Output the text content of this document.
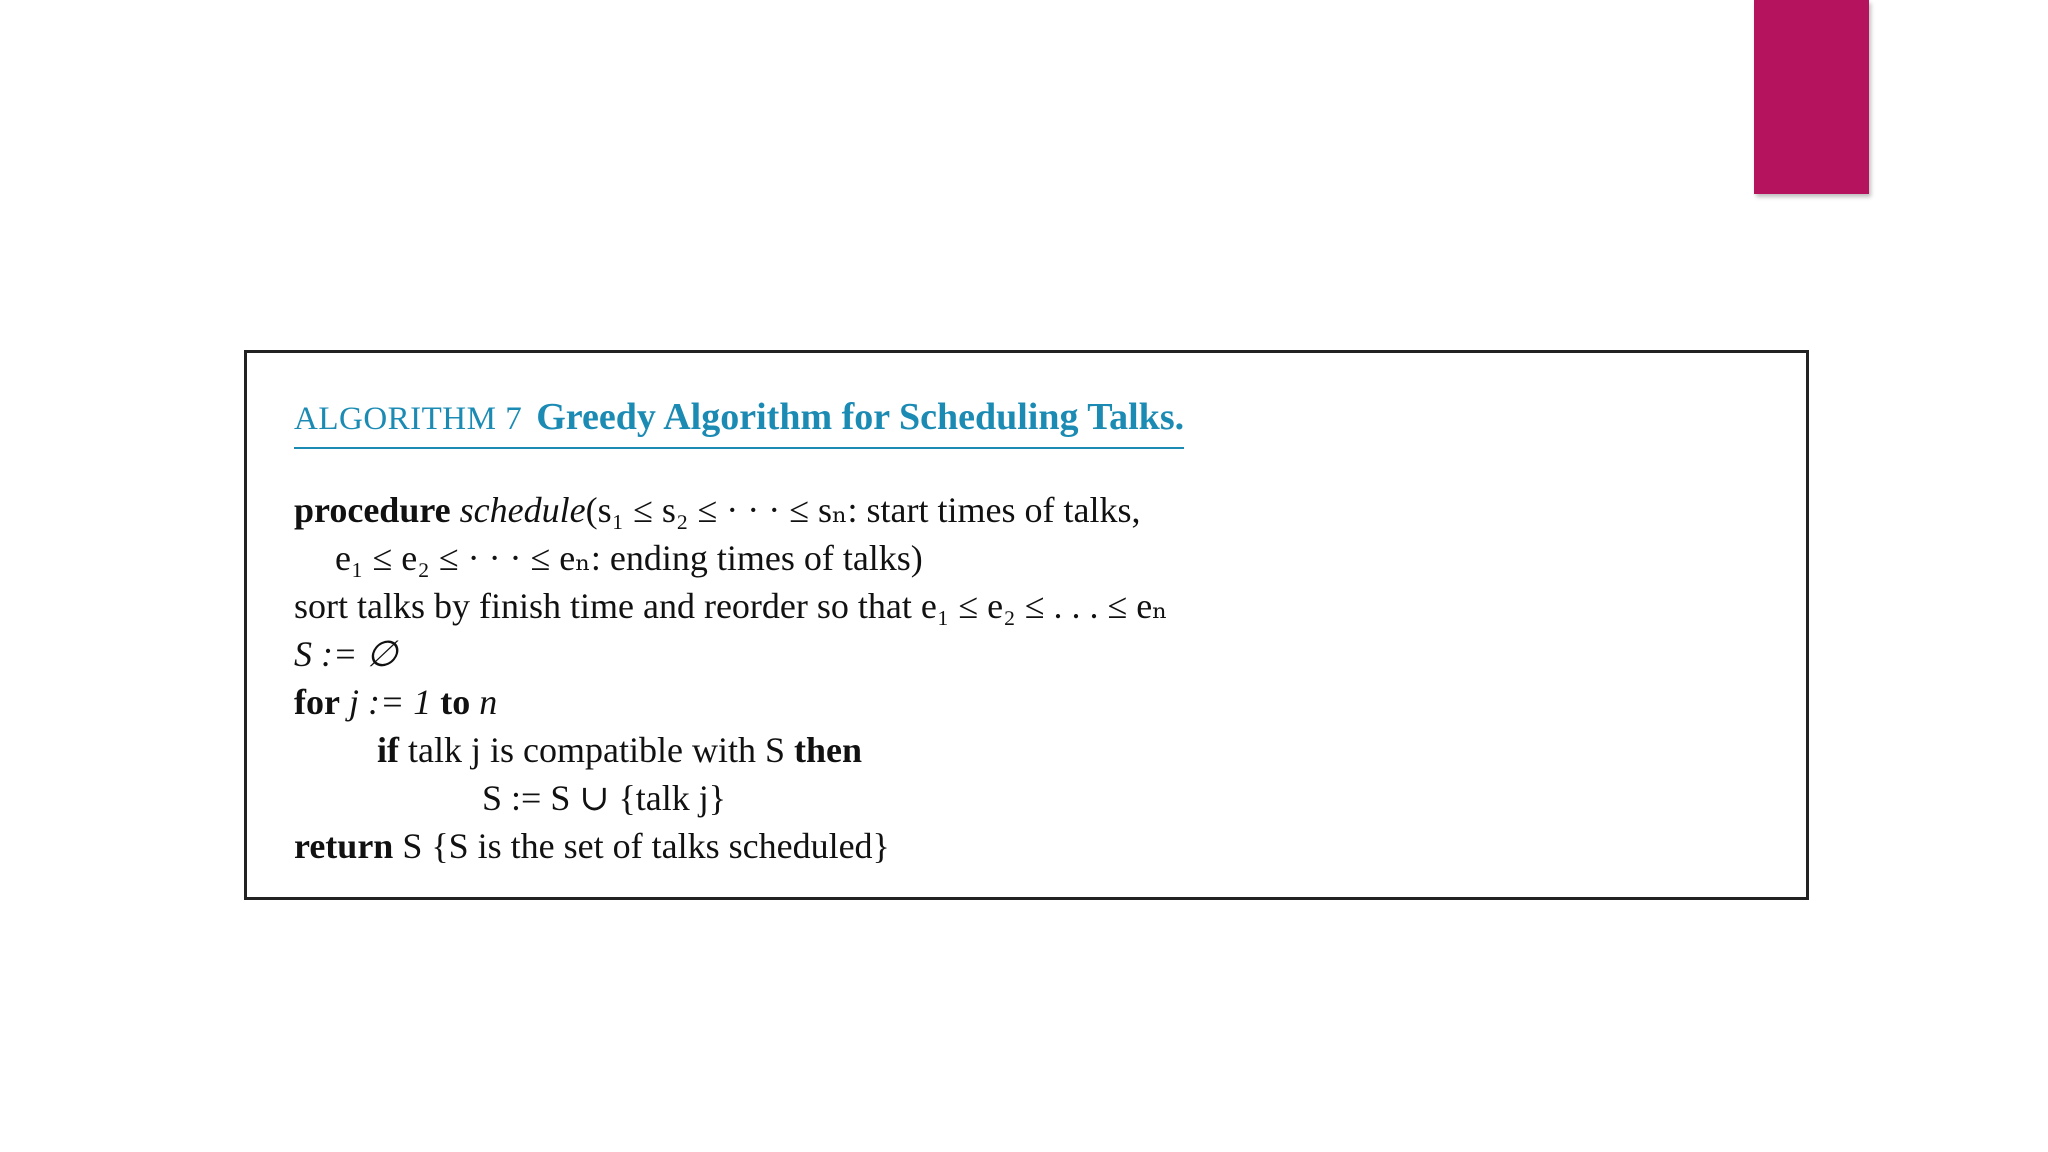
ALGORITHM 7 Greedy Algorithm for Scheduling Talks.
procedure schedule(s₁ ≤ s₂ ≤ · · · ≤ sₙ: start times of talks,
e₁ ≤ e₂ ≤ · · · ≤ eₙ: ending times of talks)
sort talks by finish time and reorder so that e₁ ≤ e₂ ≤ . . . ≤ eₙ
S := ∅
for j := 1 to n
if talk j is compatible with S then
S := S ∪ {talk j}
return S {S is the set of talks scheduled}
